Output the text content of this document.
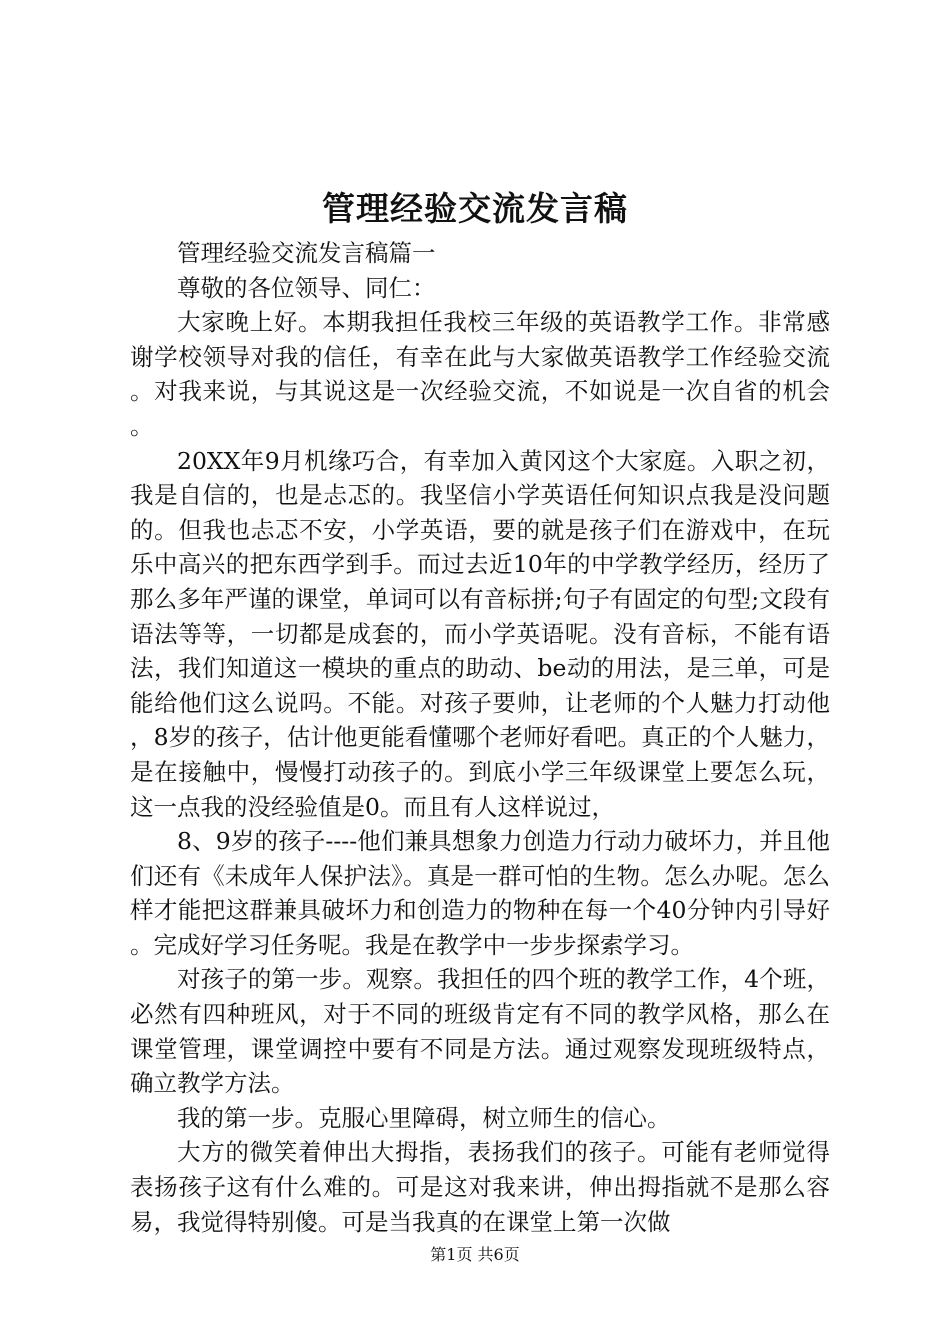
管理经验交流发言稿

管理经验交流发言稿篇一

尊敬的各位领导、同仁：

大家晚上好。本期我担任我校三年级的英语教学工作。非常感谢学校领导对我的信任，有幸在此与大家做英语教学工作经验交流。对我来说，与其说这是一次经验交流，不如说是一次自省的机会。

20XX年9月机缘巧合，有幸加入黄冈这个大家庭。入职之初，我是自信的，也是忐忑的。我坚信小学英语任何知识点我是没问题的。但我也忐忑不安，小学英语，要的就是孩子们在游戏中，在玩乐中高兴的把东西学到手。而过去近10年的中学教学经历，经历了那么多年严谨的课堂，单词可以有音标拼;句子有固定的句型;文段有语法等等，一切都是成套的，而小学英语呢。没有音标，不能有语法，我们知道这一模块的重点的助动、be动的用法，是三单，可是能给他们这么说吗。不能。对孩子要帅，让老师的个人魅力打动他，8岁的孩子，估计他更能看懂哪个老师好看吧。真正的个人魅力，是在接触中，慢慢打动孩子的。到底小学三年级课堂上要怎么玩，这一点我的没经验值是0。而且有人这样说过，

8、9岁的孩子----他们兼具想象力创造力行动力破坏力，并且他们还有《未成年人保护法》。真是一群可怕的生物。怎么办呢。怎么样才能把这群兼具破坏力和创造力的物种在每一个40分钟内引导好。完成好学习任务呢。我是在教学中一步步探索学习。

对孩子的第一步。观察。我担任的四个班的教学工作，4个班，必然有四种班风，对于不同的班级肯定有不同的教学风格，那么在课堂管理，课堂调控中要有不同是方法。通过观察发现班级特点，确立教学方法。

我的第一步。克服心里障碍，树立师生的信心。

大方的微笑着伸出大拇指，表扬我们的孩子。可能有老师觉得表扬孩子这有什么难的。可是这对我来讲，伸出拇指就不是那么容易，我觉得特别傻。可是当我真的在课堂上第一次做

第1页 共6页
